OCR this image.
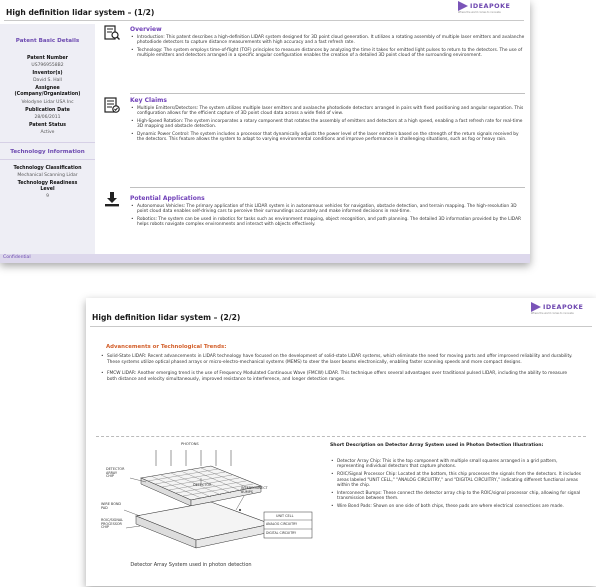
High definition lidar system – (1/2)
IDEAPOKE
Where the world comes to innovate
Patent Basic Details
Patent Number
US7969558B2
Inventor(s)
David S. Hall
Assignee (Company/Organization)
Velodyne Lidar USA Inc
Publication Date
28/06/2011
Patent Status
Active
Technology Information
Technology Classification
Mechanical Scanning Lidar
Technology Readiness Level
9
Overview
• Introduction: This patent describes a high-definition LIDAR system designed for 3D point cloud generation. It utilizes a rotating assembly of multiple laser emitters and avalanche photodiode detectors to capture distance measurements with high accuracy and a fast refresh rate.
• Technology: The system employs time-of-flight (TOF) principles to measure distances by analyzing the time it takes for emitted light pulses to return to the detectors. The use of multiple emitters and detectors arranged in a specific angular configuration enables the creation of a detailed 3D point cloud of the surrounding environment.
Key Claims
• Multiple Emitters/Detectors: The system utilizes multiple laser emitters and avalanche photodiode detectors arranged in pairs with fixed positioning and angular separation. This configuration allows for the efficient capture of 3D point cloud data across a wide field of view.
• High-Speed Rotation: The system incorporates a rotary component that rotates the assembly of emitters and detectors at a high speed, enabling a fast refresh rate for real-time 3D mapping and obstacle detection.
• Dynamic Power Control: The system includes a processor that dynamically adjusts the power level of the laser emitters based on the strength of the return signals received by the detectors. This feature allows the system to adapt to varying environmental conditions and improve performance in challenging situations, such as fog or heavy rain.
Potential Applications
• Autonomous Vehicles: The primary application of this LIDAR system is in autonomous vehicles for navigation, obstacle detection, and terrain mapping. The high-resolution 3D point cloud data enables self-driving cars to perceive their surroundings accurately and make informed decisions in real-time.
• Robotics: The system can be used in robotics for tasks such as environment mapping, object recognition, and path planning. The detailed 3D information provided by the LIDAR helps robots navigate complex environments and interact with objects effectively.
Confidential
High definition lidar system – (2/2)
IDEAPOKE
Where the world comes to innovate
Advancements or Technological Trends:
• Solid-State LIDAR: Recent advancements in LIDAR technology have focused on the development of solid-state LIDAR systems, which eliminate the need for moving parts and offer improved reliability and durability. These systems utilize optical phased arrays or micro-electro-mechanical systems (MEMS) to steer the laser beams electronically, enabling faster scanning speeds and more compact designs.
• FMCW LIDAR: Another emerging trend is the use of Frequency Modulated Continuous Wave (FMCW) LIDAR. This technique offers several advantages over traditional pulsed LIDAR, including the ability to measure both distance and velocity simultaneously, improved resistance to interference, and longer detection ranges.
PHOTONS
DETECTOR
ARRAY
CHIP
DETECTOR
INTERCONNECT
BUMPS
WIRE BOND
PAD
ROIC/SIGNAL
PROCESSOR
CHIP
UNIT CELL
ANALOG CIRCUITRY
DIGITAL CIRCUITRY
Detector Array System used in photon detection
Short Description on Detector Array System used in Photon Detection Illustration:
• Detector Array Chip: This is the top component with multiple small squares arranged in a grid pattern, representing individual detectors that capture photons.
• ROIC/Signal Processor Chip: Located at the bottom, this chip processes the signals from the detectors. It includes areas labeled "UNIT CELL," "ANALOG CIRCUITRY," and "DIGITAL CIRCUITRY," indicating different functional areas within the chip.
• Interconnect Bumps: These connect the detector array chip to the ROIC/signal processor chip, allowing for signal transmission between them.
• Wire Bond Pads: Shown on one side of both chips, these pads are where electrical connections are made.
